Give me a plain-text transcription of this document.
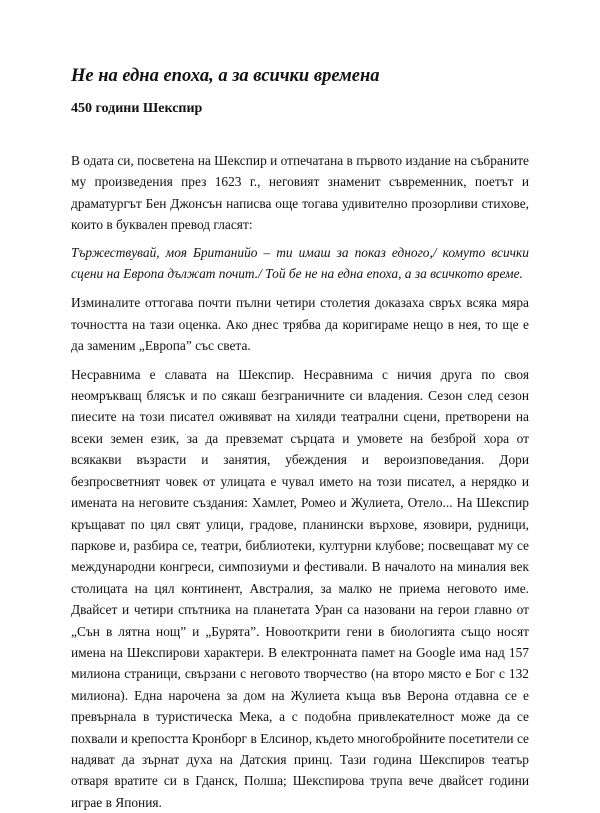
Не на една епоха, а за всички времена
450 години Шекспир

В одата си, посветена на Шекспир и отпечатана в първото издание на събраните му произведения през 1623 г., неговият знаменит съвременник, поетът и драматургът Бен Джонсън написва още тогава удивително прозорливи стихове, които в буквален превод гласят:

Тържествувай, моя Британийо – ти имаш за показ едного,/ комуто всички сцени на Европа дължат почит./ Той бе не на една епоха, а за всичкото време.

Изминалите оттогава почти пълни четири столетия доказаха свръх всяка мяра точността на тази оценка. Ако днес трябва да коригираме нещо в нея, то ще е да заменим „Европа” със света.

Несравнима е славата на Шекспир. Несравнима с ничия друга по своя неомръкващ блясък и по сякаш безграничните си владения. Сезон след сезон пиесите на този писател оживяват на хиляди театрални сцени, претворени на всеки земен език, за да превземат сърцата и умовете на безброй хора от всякакви възрасти и занятия, убеждения и вероизповедания. Дори безпросветният човек от улицата е чувал името на този писател, а нерядко и имената на неговите създания: Хамлет, Ромео и Жулиета, Отело... На Шекспир кръщават по цял свят улици, градове, планински върхове, язовири, рудници, паркове и, разбира се, театри, библиотеки, културни клубове; посвещават му се международни конгреси, симпозиуми и фестивали. В началото на миналия век столицата на цял континент, Австралия, за малко не приема неговото име. Двайсет и четири спътника на планетата Уран са назовани на герои главно от „Сън в лятна нощ” и „Бурята”. Новооткрити гени в биологията също носят имена на Шекспирови характери. В електронната памет на Google има над 157 милиона страници, свързани с неговото творчество (на второ място е Бог с 132 милиона). Една нарочена за дом на Жулиета къща във Верона отдавна се е превърнала в туристическа Мека, а с подобна привлекателност може да се похвали и крепостта Кронборг в Елсинор, където многобройните посетители се надяват да зърнат духа на Датския принц. Тази година Шекспиров театър отваря вратите си в Гданск, Полша; Шекспирова трупа вече двайсет години играе в Япония.
